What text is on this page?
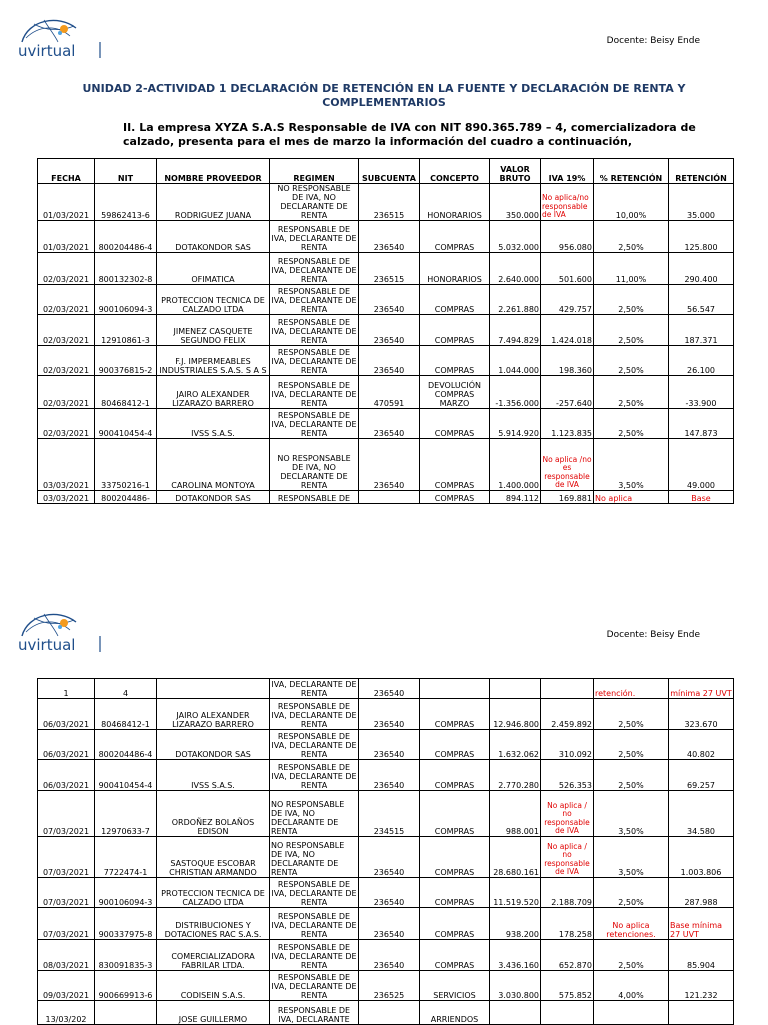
uvirtual
Docente: Beisy Ende
UNIDAD 2-ACTIVIDAD 1 DECLARACIÓN DE RETENCIÓN EN LA FUENTE Y DECLARACIÓN DE RENTA Y COMPLEMENTARIOS
II. La empresa XYZA S.A.S Responsable de IVA con NIT 890.365.789 – 4, comercializadora de calzado, presenta para el mes de marzo la información del cuadro a continuación,
FECHA	NIT	NOMBRE PROVEEDOR	REGIMEN	SUBCUENTA	CONCEPTO	VALOR BRUTO	IVA 19%	% RETENCIÓN	RETENCIÓN
01/03/2021	59862413-6	RODRIGUEZ JUANA	NO RESPONSABLE DE IVA, NO DECLARANTE DE RENTA	236515	HONORARIOS	350.000	No aplica/no responsable de IVA	10,00%	35.000
01/03/2021	800204486-4	DOTAKONDOR SAS	RESPONSABLE DE IVA, DECLARANTE DE RENTA	236540	COMPRAS	5.032.000	956.080	2,50%	125.800
02/03/2021	800132302-8	OFIMATICA	RESPONSABLE DE IVA, DECLARANTE DE RENTA	236515	HONORARIOS	2.640.000	501.600	11,00%	290.400
02/03/2021	900106094-3	PROTECCION TECNICA DE CALZADO LTDA	RESPONSABLE DE IVA, DECLARANTE DE RENTA	236540	COMPRAS	2.261.880	429.757	2,50%	56.547
02/03/2021	12910861-3	JIMENEZ CASQUETE SEGUNDO FELIX	RESPONSABLE DE IVA, DECLARANTE DE RENTA	236540	COMPRAS	7.494.829	1.424.018	2,50%	187.371
02/03/2021	900376815-2	F.J. IMPERMEABLES INDUSTRIALES S.A.S. S A S	RESPONSABLE DE IVA, DECLARANTE DE RENTA	236540	COMPRAS	1.044.000	198.360	2,50%	26.100
02/03/2021	80468412-1	JAIRO ALEXANDER LIZARAZO BARRERO	RESPONSABLE DE IVA, DECLARANTE DE RENTA	470591	DEVOLUCIÓN COMPRAS MARZO	-1.356.000	-257.640	2,50%	-33.900
02/03/2021	900410454-4	IVSS S.A.S.	RESPONSABLE DE IVA, DECLARANTE DE RENTA	236540	COMPRAS	5.914.920	1.123.835	2,50%	147.873
03/03/2021	33750216-1	CAROLINA MONTOYA	NO RESPONSABLE DE IVA, NO DECLARANTE DE RENTA	236540	COMPRAS	1.400.000	No aplica /no es responsable de IVA	3,50%	49.000
03/03/2021	800204486-	DOTAKONDOR SAS	RESPONSABLE DE		COMPRAS	894.112	169.881	No aplica	Base
uvirtual
Docente: Beisy Ende
1	4		IVA, DECLARANTE DE RENTA	236540				retención.	mínima 27 UVT
06/03/2021	80468412-1	JAIRO ALEXANDER LIZARAZO BARRERO	RESPONSABLE DE IVA, DECLARANTE DE RENTA	236540	COMPRAS	12.946.800	2.459.892	2,50%	323.670
06/03/2021	800204486-4	DOTAKONDOR SAS	RESPONSABLE DE IVA, DECLARANTE DE RENTA	236540	COMPRAS	1.632.062	310.092	2,50%	40.802
06/03/2021	900410454-4	IVSS S.A.S.	RESPONSABLE DE IVA, DECLARANTE DE RENTA	236540	COMPRAS	2.770.280	526.353	2,50%	69.257
07/03/2021	12970633-7	ORDOÑEZ BOLAÑOS EDISON	NO RESPONSABLE DE IVA, NO DECLARANTE DE RENTA	234515	COMPRAS	988.001	No aplica / no responsable de IVA	3,50%	34.580
07/03/2021	7722474-1	SASTOQUE ESCOBAR CHRISTIAN ARMANDO	NO RESPONSABLE DE IVA, NO DECLARANTE DE RENTA	236540	COMPRAS	28.680.161	No aplica / no responsable de IVA	3,50%	1.003.806
07/03/2021	900106094-3	PROTECCION TECNICA DE CALZADO LTDA	RESPONSABLE DE IVA, DECLARANTE DE RENTA	236540	COMPRAS	11.519.520	2.188.709	2,50%	287.988
07/03/2021	900337975-8	DISTRIBUCIONES Y DOTACIONES RAC S.A.S.	RESPONSABLE DE IVA, DECLARANTE DE RENTA	236540	COMPRAS	938.200	178.258	No aplica retenciones.	Base mínima 27 UVT
08/03/2021	830091835-3	COMERCIALIZADORA FABRILAR LTDA.	RESPONSABLE DE IVA, DECLARANTE DE RENTA	236540	COMPRAS	3.436.160	652.870	2,50%	85.904
09/03/2021	900669913-6	CODISEIN S.A.S.	RESPONSABLE DE IVA, DECLARANTE DE RENTA	236525	SERVICIOS	3.030.800	575.852	4,00%	121.232
13/03/202		JOSE GUILLERMO	RESPONSABLE DE IVA, DECLARANTE		ARRIENDOS				
